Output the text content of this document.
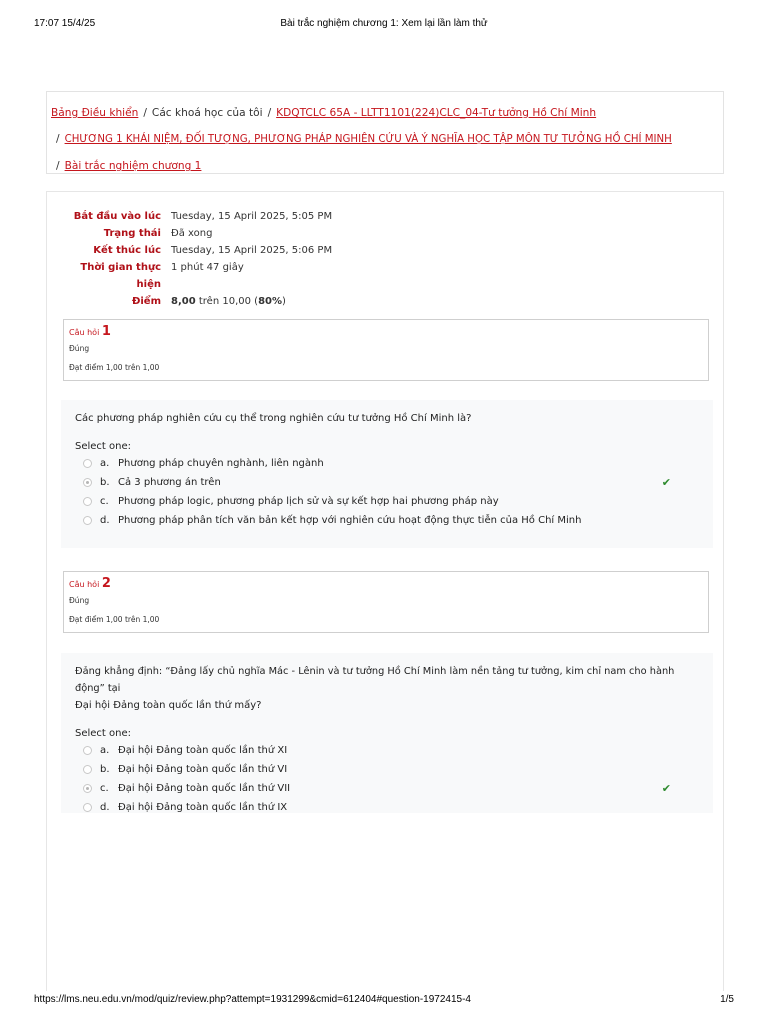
17:07 15/4/25	Bài trắc nghiệm chương 1: Xem lại lần làm thử
Bảng Điều khiển / Các khoá học của tôi / KDQTCLC 65A - LLTT1101(224)CLC_04-Tư tưởng Hồ Chí Minh
/ CHƯƠNG 1 KHÁI NIỆM, ĐỐI TƯỢNG, PHƯƠNG PHÁP NGHIÊN CỨU VÀ Ý NGHĨA HỌC TẬP MÔN TƯ TƯỞNG HỒ CHÍ MINH
/ Bài trắc nghiệm chương 1
Bắt đầu vào lúc	Tuesday, 15 April 2025, 5:05 PM
Trạng thái	Đã xong
Kết thúc lúc	Tuesday, 15 April 2025, 5:06 PM
Thời gian thực
hiện
1 phút 47 giây
Điểm	8,00 trên 10,00 (80%)
Câu hỏi 1
Đúng
Đạt điểm 1,00 trên 1,00
Các phương pháp nghiên cứu cụ thể trong nghiên cứu tư tưởng Hồ Chí Minh là?
Select one:
a. Phương pháp chuyên nghành, liên ngành
b. Cả 3 phương án trên	✔
c. Phương pháp logic, phương pháp lịch sử và sự kết hợp hai phương pháp này
d. Phương pháp phân tích văn bản kết hợp với nghiên cứu hoạt động thực tiễn của Hồ Chí Minh
Câu hỏi 2
Đúng
Đạt điểm 1,00 trên 1,00
Đảng khẳng định: “Đảng lấy chủ nghĩa Mác - Lênin và tư tưởng Hồ Chí Minh làm nền tảng tư tưởng, kim chỉ nam cho hành động” tại
Đại hội Đảng toàn quốc lần thứ mấy?
Select one:
a. Đại hội Đảng toàn quốc lần thứ XI
b. Đại hội Đảng toàn quốc lần thứ VI
c. Đại hội Đảng toàn quốc lần thứ VII	✔
d. Đại hội Đảng toàn quốc lần thứ IX
https://lms.neu.edu.vn/mod/quiz/review.php?attempt=1931299&cmid=612404#question-1972415-4	1/5
